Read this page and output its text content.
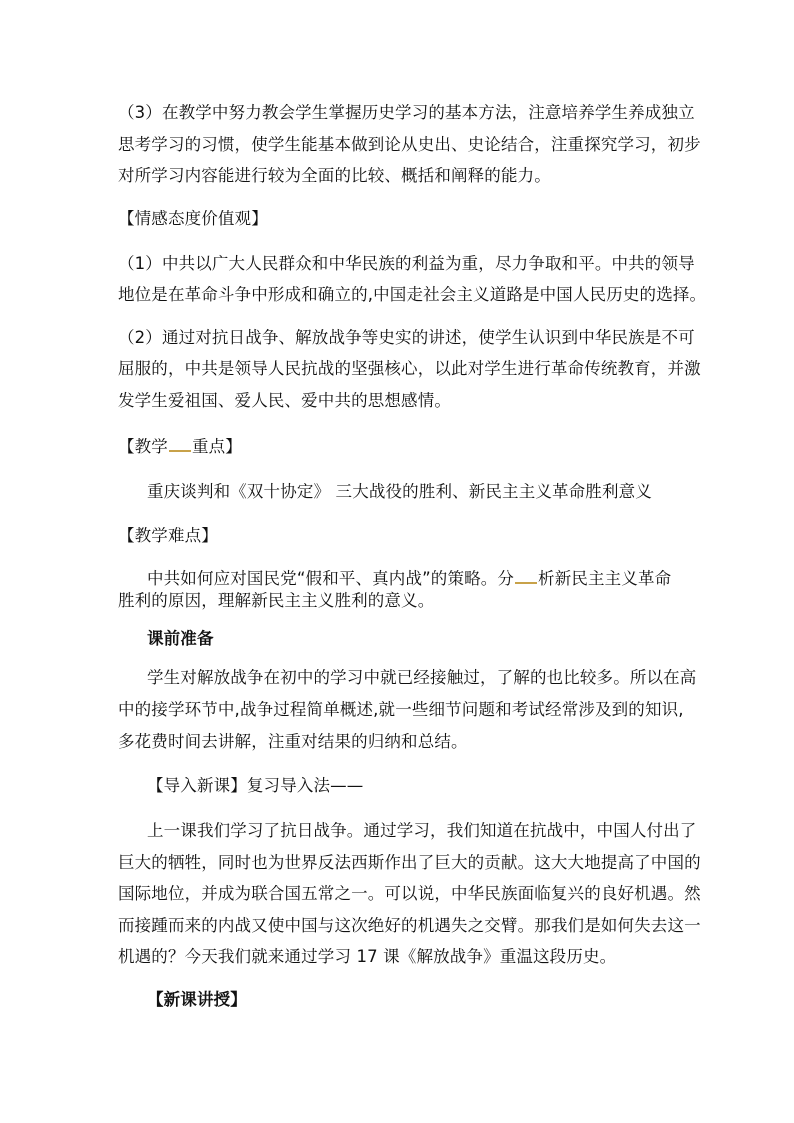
（3）在教学中努力教会学生掌握历史学习的基本方法，注意培养学生养成独立
思考学习的习惯，使学生能基本做到论从史出、史论结合，注重探究学习，初步
对所学习内容能进行较为全面的比较、概括和阐释的能力。
【情感态度价值观】
（1）中共以广大人民群众和中华民族的利益为重，尽力争取和平。中共的领导
地位是在革命斗争中形成和确立的,中国走社会主义道路是中国人民历史的选择。
（2）通过对抗日战争、解放战争等史实的讲述，使学生认识到中华民族是不可
屈服的，中共是领导人民抗战的坚强核心，以此对学生进行革命传统教育，并激
发学生爱祖国、爱人民、爱中共的思想感情。
【教学 重点】
重庆谈判和《双十协定》 三大战役的胜利、新民主主义革命胜利意义
【教学难点】
中共如何应对国民党“假和平、真内战”的策略。分 析新民主主义革命
胜利的原因，理解新民主主义胜利的意义。
课前准备
学生对解放战争在初中的学习中就已经接触过，了解的也比较多。所以在高
中的接学环节中,战争过程简单概述,就一些细节问题和考试经常涉及到的知识,
多花费时间去讲解，注重对结果的归纳和总结。
【导入新课】复习导入法——
上一课我们学习了抗日战争。通过学习，我们知道在抗战中，中国人付出了
巨大的牺牲，同时也为世界反法西斯作出了巨大的贡献。这大大地提高了中国的
国际地位，并成为联合国五常之一。可以说，中华民族面临复兴的良好机遇。然
而接踵而来的内战又使中国与这次绝好的机遇失之交臂。那我们是如何失去这一
机遇的？今天我们就来通过学习 17 课《解放战争》重温这段历史。
【新课讲授】
